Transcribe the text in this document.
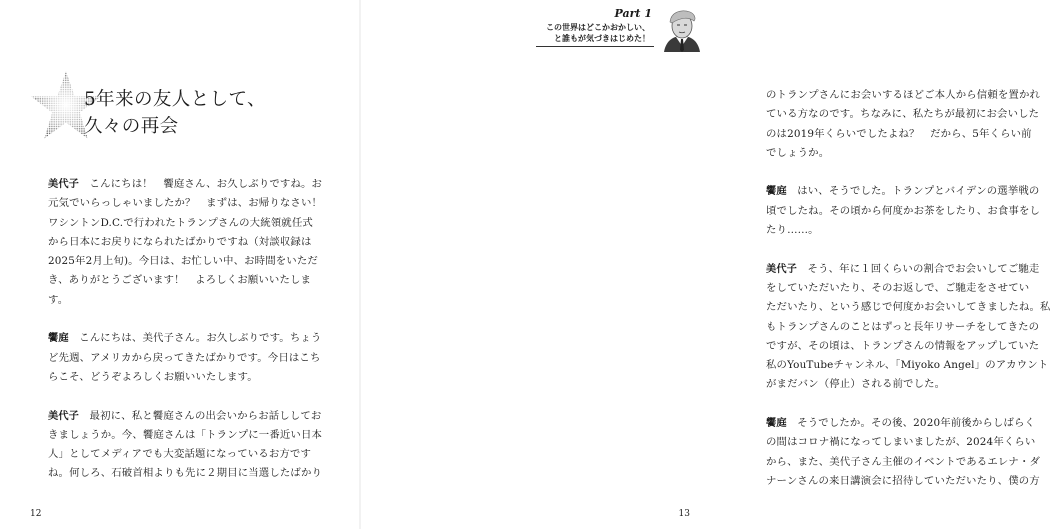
5年来の友人として、
久々の再会
美代子　こんにちは！　饗庭さん、お久しぶりですね。お
元気でいらっしゃいましたか？　まずは、お帰りなさい！
ワシントンD.C.で行われたトランプさんの大統領就任式
から日本にお戻りになられたばかりですね（対談収録は
2025年2月上旬)。今日は、お忙しい中、お時間をいただ
き、ありがとうございます！　よろしくお願いいたしま
す。
饗庭　こんにちは、美代子さん。お久しぶりです。ちょう
ど先週、アメリカから戻ってきたばかりです。今日はこち
らこそ、どうぞよろしくお願いいたします。
美代子　最初に、私と饗庭さんの出会いからお話ししてお
きましょうか。今、饗庭さんは「トランプに一番近い日本
人」としてメディアでも大変話題になっているお方です
ね。何しろ、石破首相よりも先に２期目に当選したばかり
12
のトランプさんにお会いするほどご本人から信頼を置かれ
ている方なのです。ちなみに、私たちが最初にお会いした
のは2019年くらいでしたよね？　だから、5年くらい前
でしょうか。
饗庭　はい、そうでした。トランプとバイデンの選挙戦の
頃でしたね。その頃から何度かお茶をしたり、お食事をし
たり……。
美代子　そう、年に１回くらいの割合でお会いしてご馳走
をしていただいたり、そのお返しで、ご馳走をさせてい
ただいたり、という感じで何度かお会いしてきましたね。私
もトランプさんのことはずっと長年リサーチをしてきたの
ですが、その頃は、トランプさんの情報をアップしていた
私のYouTubeチャンネル、「Miyoko Angel」のアカウント
がまだバン（停止）される前でした。
饗庭　そうでしたか。その後、2020年前後からしばらく
の間はコロナ禍になってしまいましたが、2024年くらい
から、また、美代子さん主催のイベントであるエレナ・ダ
ナーンさんの来日講演会に招待していただいたり、僕の方
13
Part 1
この世界はどこかおかしい、
と誰もが気づきはじめた！
